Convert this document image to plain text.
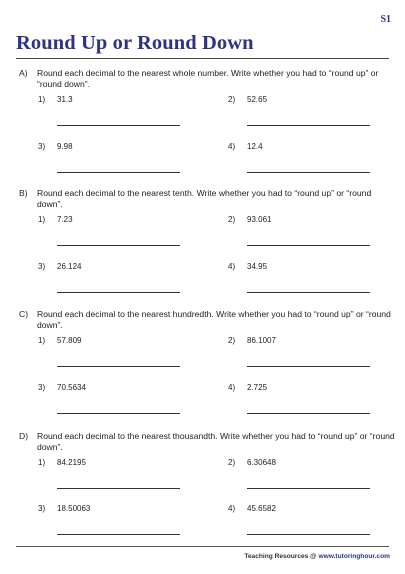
S1
Round Up or Round Down
A) Round each decimal to the nearest whole number. Write whether you had to “round up” or “round down”.

1) 31.3	2) 52.65
3) 9.98	4) 12.4
B) Round each decimal to the nearest tenth. Write whether you had to “round up” or “round down”.

1) 7.23	2) 93.061
3) 26.124	4) 34.95
C) Round each decimal to the nearest hundredth. Write whether you had to “round up” or “round down”.

1) 57.809	2) 86.1007
3) 70.5634	4) 2.725
D) Round each decimal to the nearest thousandth. Write whether you had to “round up” or “round down”.

1) 84.2195	2) 6.30648
3) 18.50063	4) 45.6582
Teaching Resources @ www.tutoringhour.com
